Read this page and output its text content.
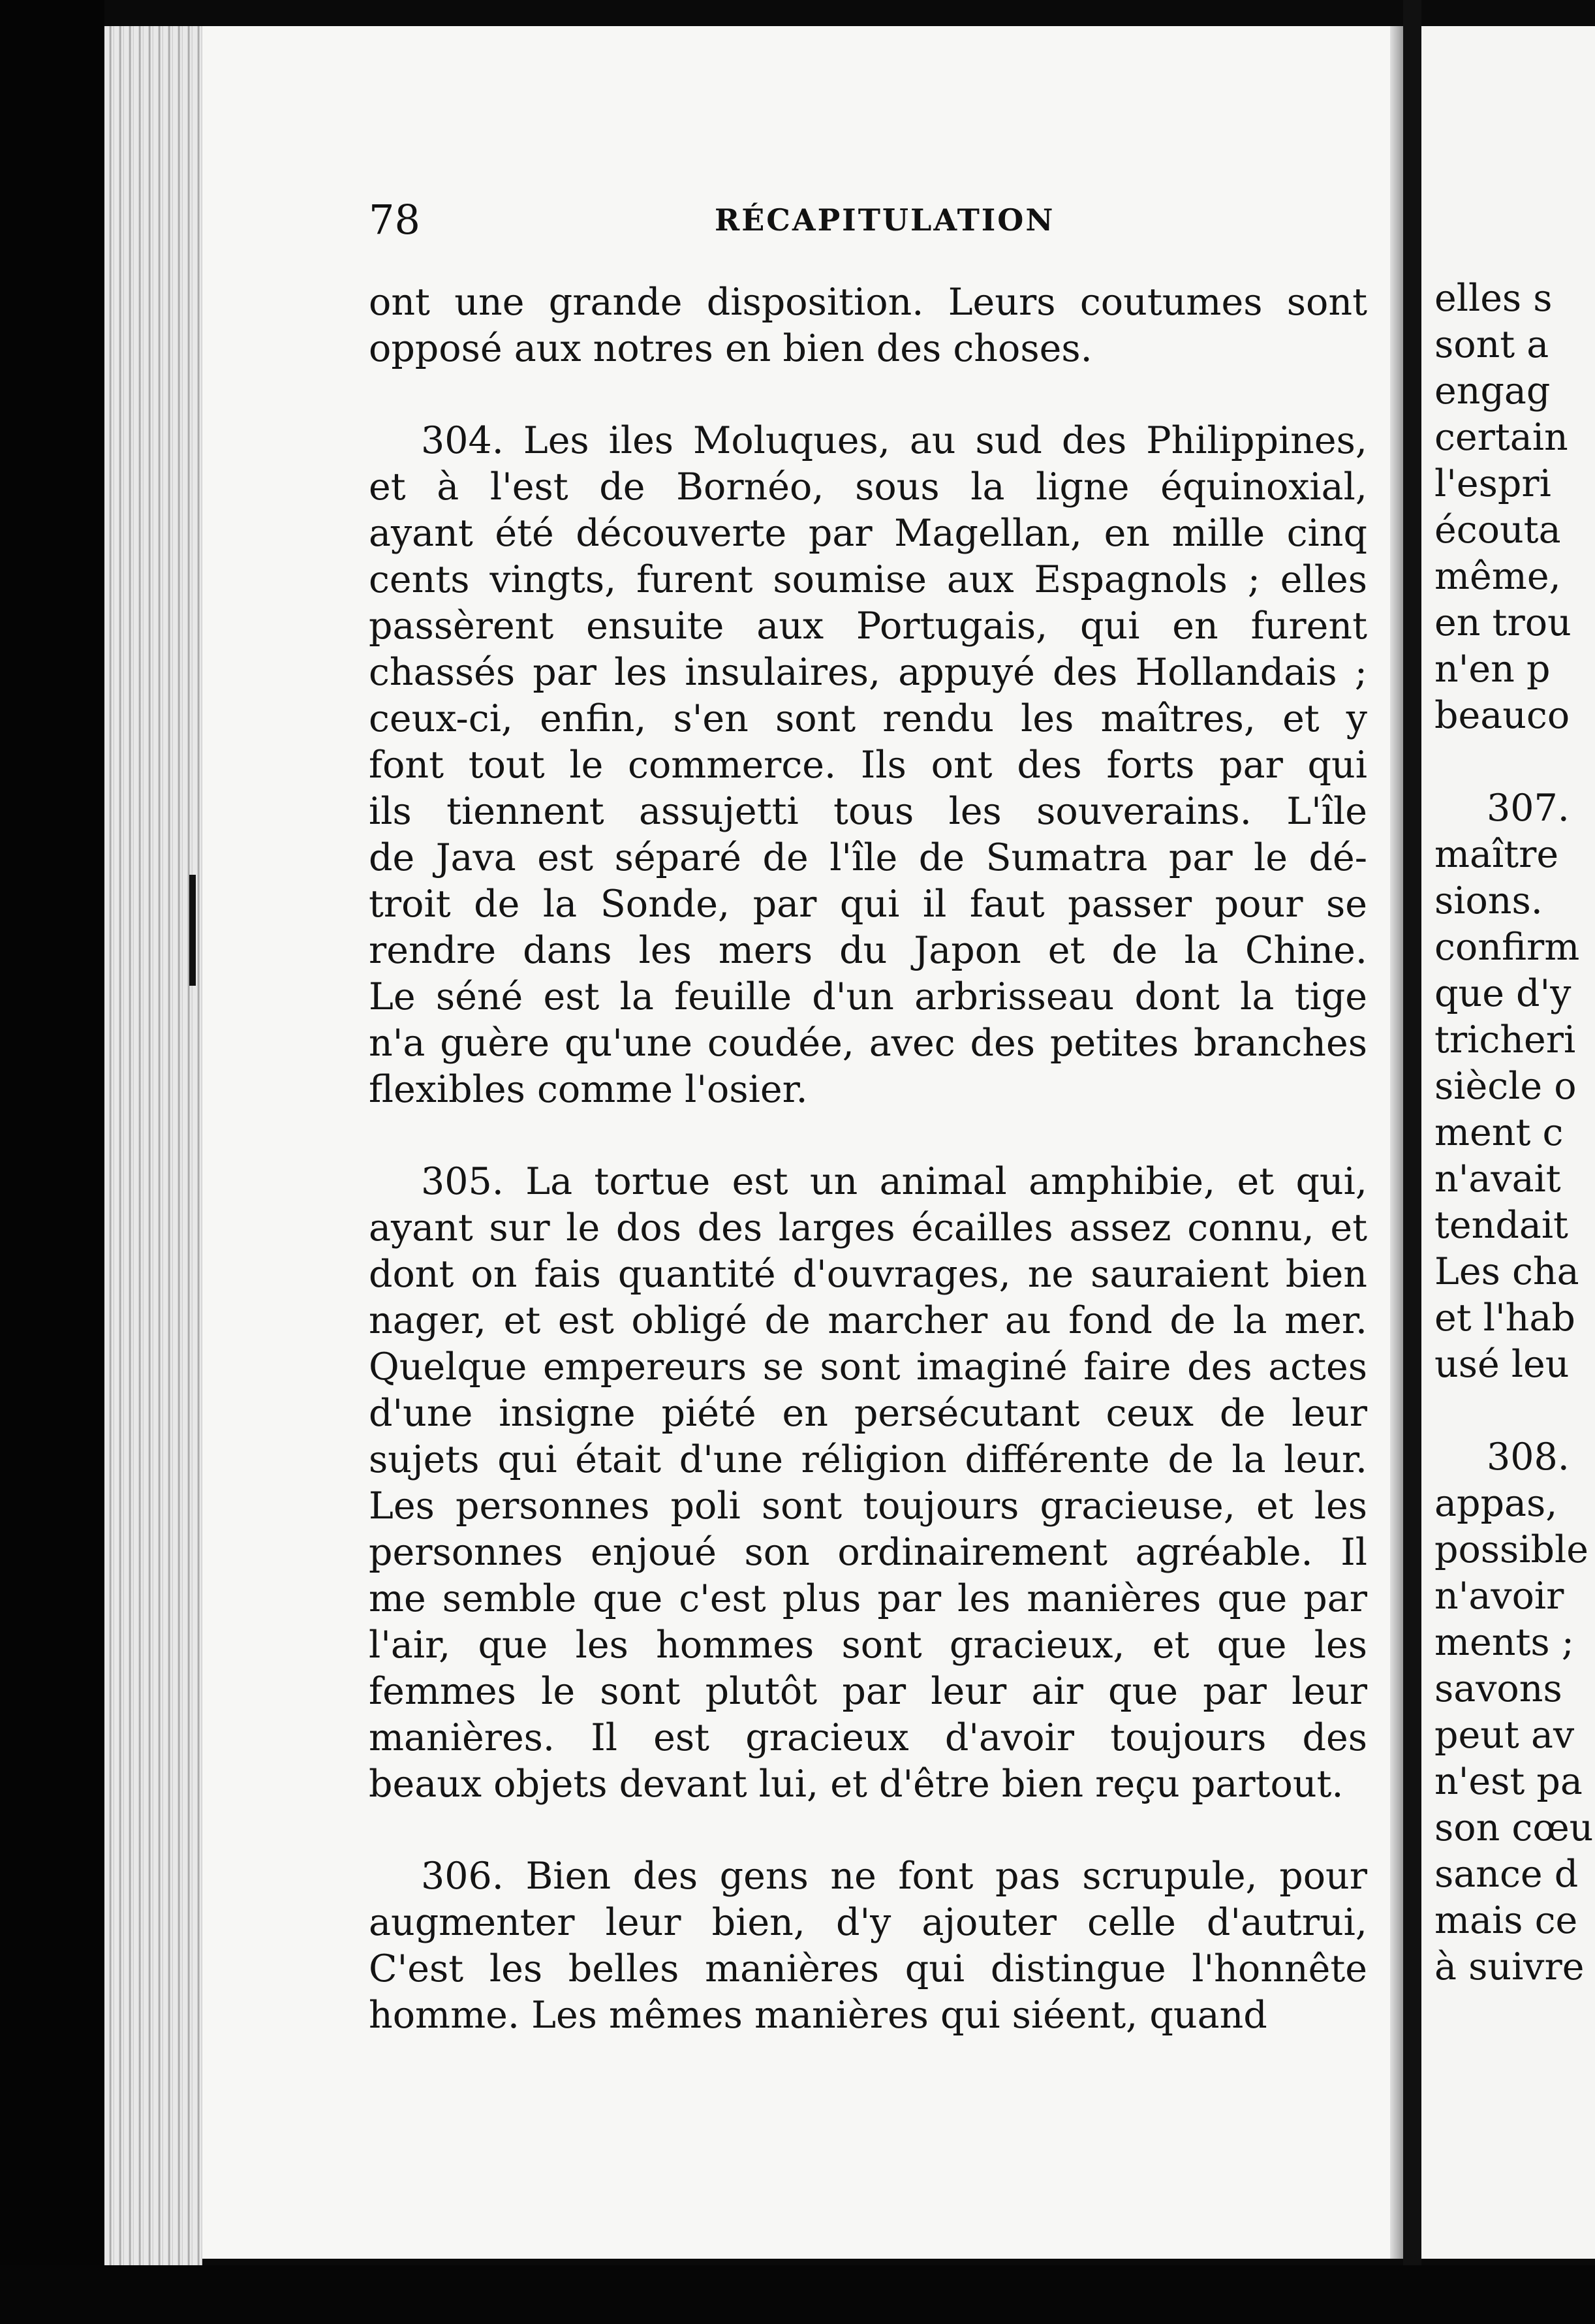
78	RÉCAPITULATION
ont une grande disposition. Leurs coutumes sont
opposé aux notres en bien des choses.
304. Les iles Moluques, au sud des Philippines,
et à l'est de Bornéo, sous la ligne équinoxial,
ayant été découverte par Magellan, en mille cinq
cents vingts, furent soumise aux Espagnols ; elles
passèrent ensuite aux Portugais, qui en furent
chassés par les insulaires, appuyé des Hollandais ;
ceux-ci, enfin, s'en sont rendu les maîtres, et y
font tout le commerce. Ils ont des forts par qui
ils tiennent assujetti tous les souverains. L'île
de Java est séparé de l'île de Sumatra par le dé-
troit de la Sonde, par qui il faut passer pour se
rendre dans les mers du Japon et de la Chine.
Le séné est la feuille d'un arbrisseau dont la tige
n'a guère qu'une coudée, avec des petites branches
flexibles comme l'osier.
305. La tortue est un animal amphibie, et qui,
ayant sur le dos des larges écailles assez connu, et
dont on fais quantité d'ouvrages, ne sauraient bien
nager, et est obligé de marcher au fond de la mer.
Quelque empereurs se sont imaginé faire des actes
d'une insigne piété en persécutant ceux de leur
sujets qui était d'une réligion différente de la leur.
Les personnes poli sont toujours gracieuse, et les
personnes enjoué son ordinairement agréable. Il
me semble que c'est plus par les manières que par
l'air, que les hommes sont gracieux, et que les
femmes le sont plutôt par leur air que par leur
manières. Il est gracieux d'avoir toujours des
beaux objets devant lui, et d'être bien reçu partout.
306. Bien des gens ne font pas scrupule, pour
augmenter leur bien, d'y ajouter celle d'autrui,
C'est les belles manières qui distingue l'honnête
homme. Les mêmes manières qui siéent, quand
elles s
sont a
engag
certain
l'espri
écouta
même,
en trou
n'en p
beauco
307.
maître
sions.
confirm
que d'y
tricheri
siècle o
ment c
n'avait
tendait
Les cha
et l'hab
usé leu
308.
appas,
possible
n'avoir
ments ;
savons
peut av
n'est pa
son cœu
sance d
mais ce
à suivre
